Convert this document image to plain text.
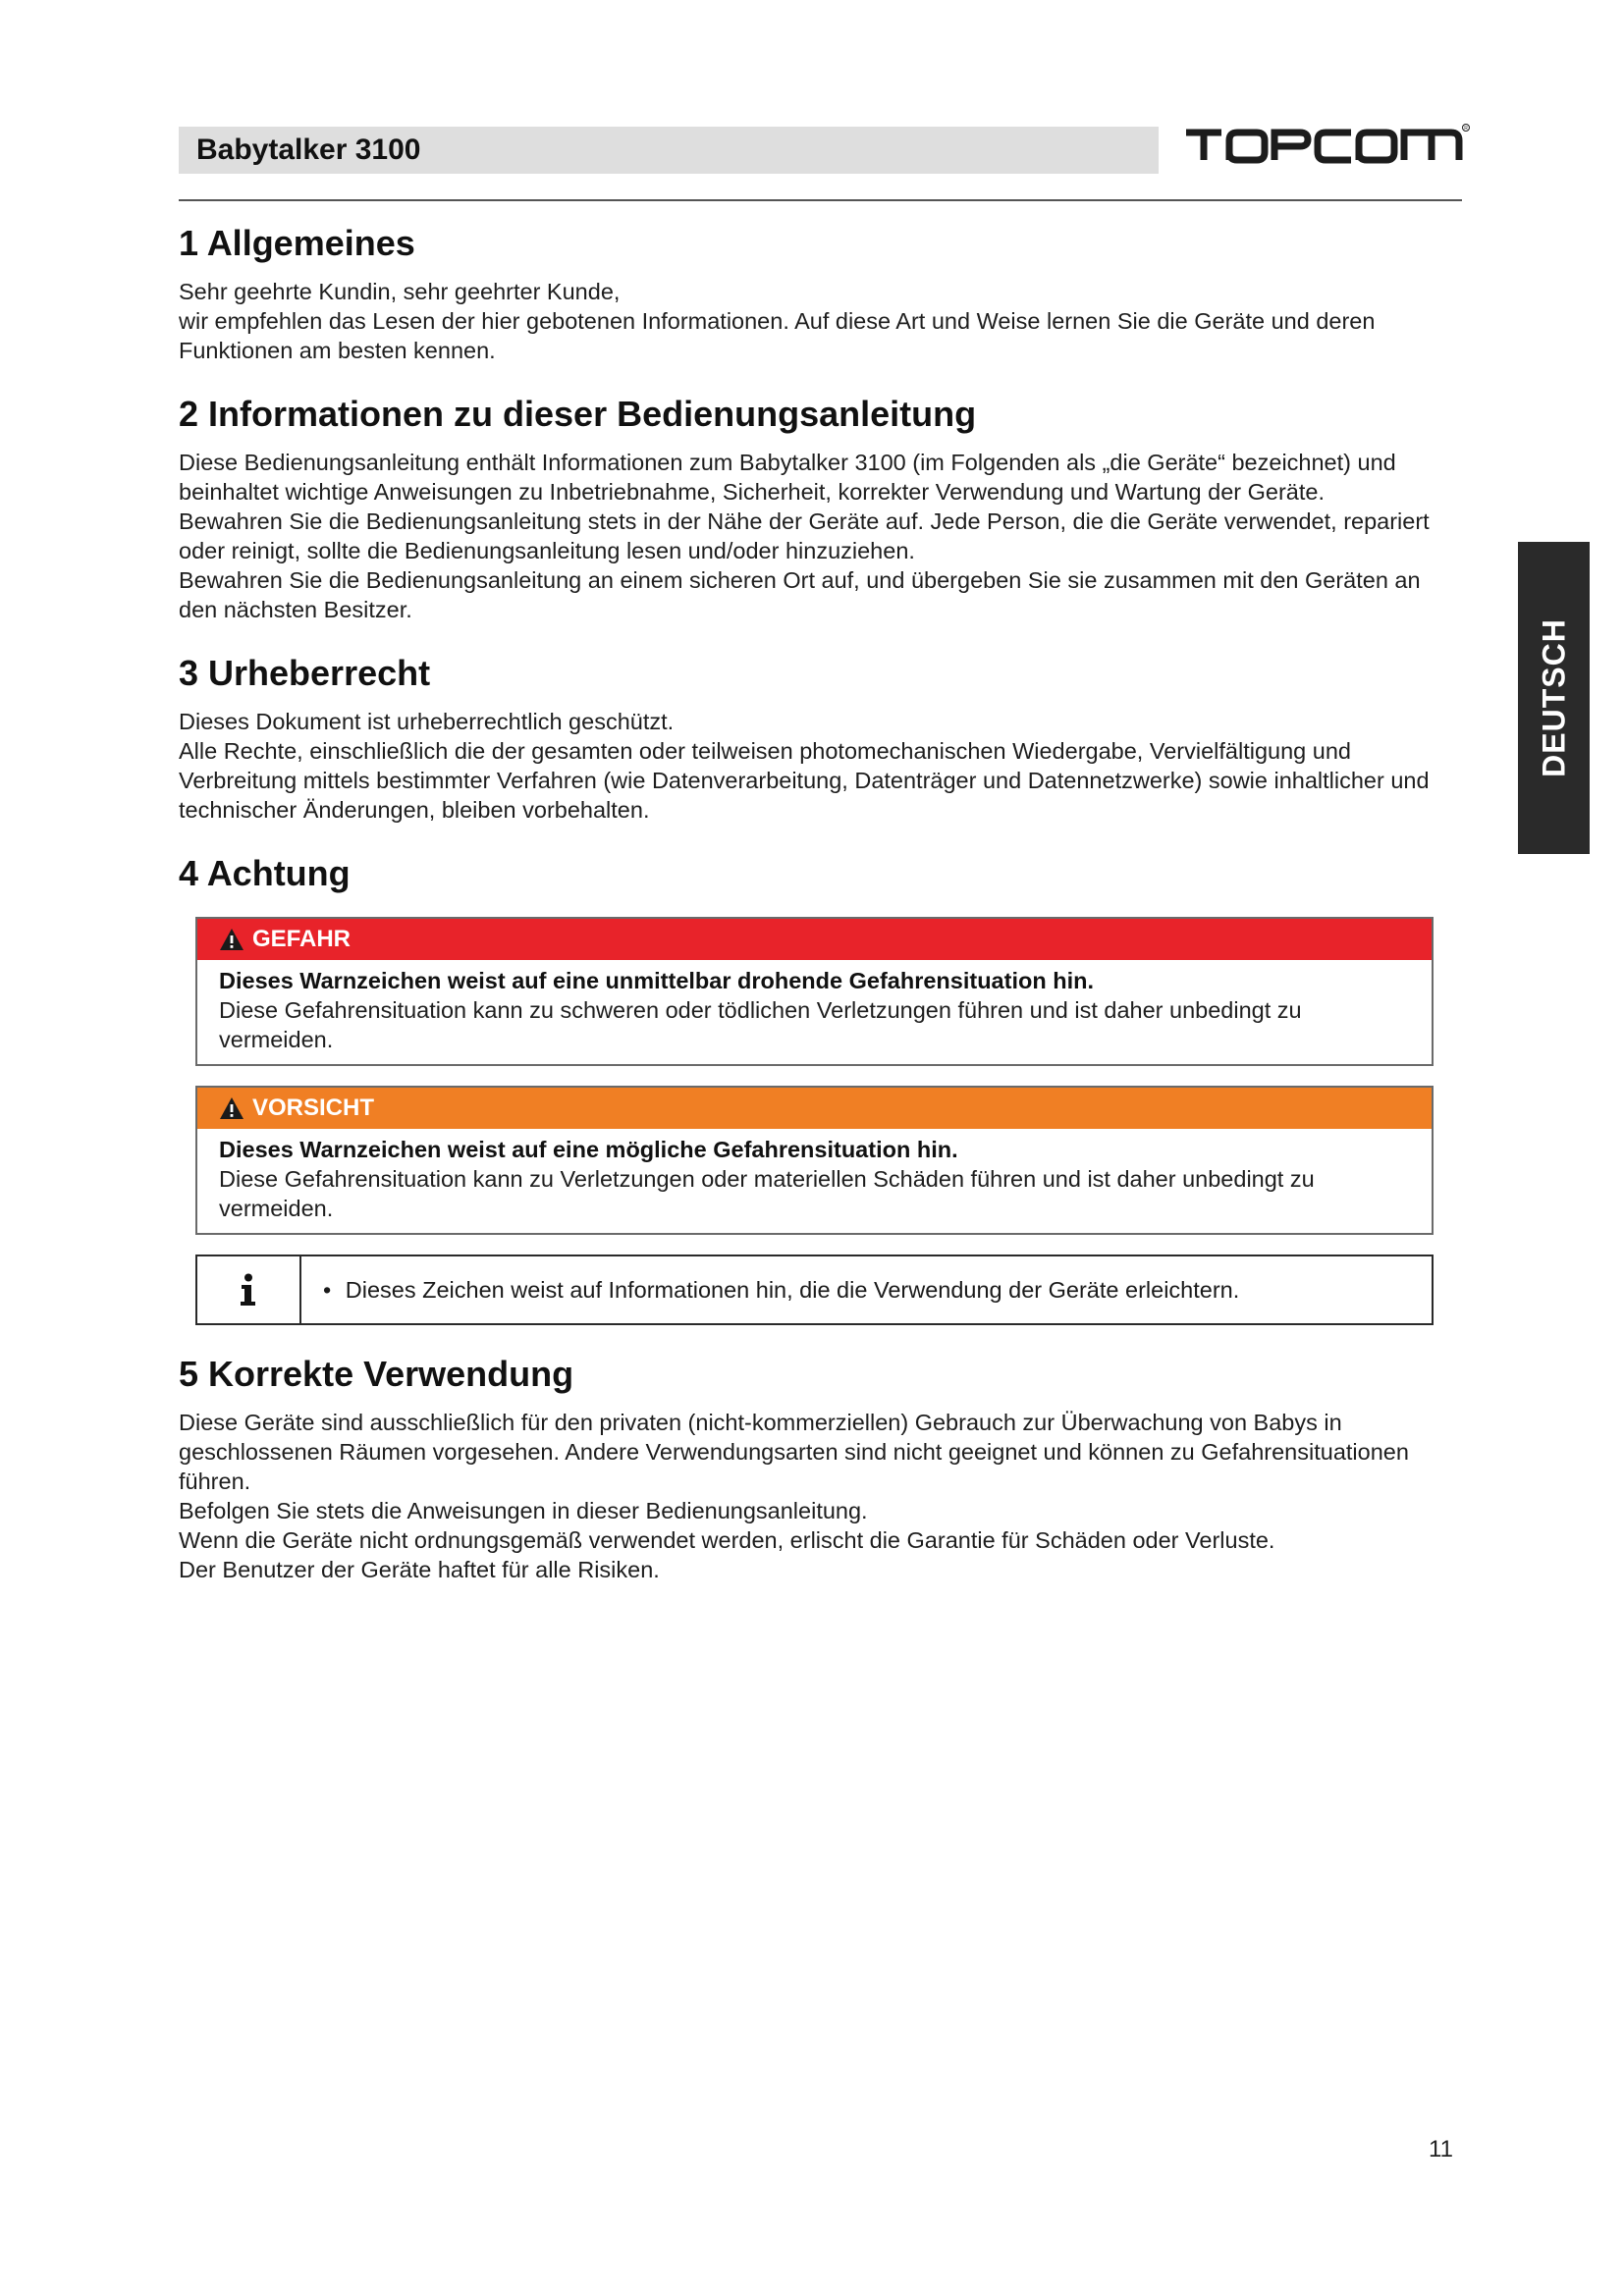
Babytalker 3100
R
DEUTSCH
1 Allgemeines

Sehr geehrte Kundin, sehr geehrter Kunde,

wir empfehlen das Lesen der hier gebotenen Informationen. Auf diese Art und Weise lernen Sie die Geräte und deren Funktionen am besten kennen.

2 Informationen zu dieser Bedienungsanleitung

Diese Bedienungsanleitung enthält Informationen zum Babytalker 3100 (im Folgenden als „die Geräte“ bezeichnet) und beinhaltet wichtige Anweisungen zu Inbetriebnahme, Sicherheit, korrekter Verwendung und Wartung der Geräte.

Bewahren Sie die Bedienungsanleitung stets in der Nähe der Geräte auf. Jede Person, die die Geräte verwendet, repariert oder reinigt, sollte die Bedienungsanleitung lesen und/oder hinzuziehen.

Bewahren Sie die Bedienungsanleitung an einem sicheren Ort auf, und übergeben Sie sie zusammen mit den Geräten an den nächsten Besitzer.

3 Urheberrecht

Dieses Dokument ist urheberrechtlich geschützt.

Alle Rechte, einschließlich die der gesamten oder teilweisen photomechanischen Wiedergabe, Vervielfältigung und Verbreitung mittels bestimmter Verfahren (wie Datenverarbeitung, Datenträger und Datennetzwerke) sowie inhaltlicher und technischer Änderungen, bleiben vorbehalten.

4 Achtung
GEFAHR

Dieses Warnzeichen weist auf eine unmittelbar drohende Gefahrensituation hin.

Diese Gefahrensituation kann zu schweren oder tödlichen Verletzungen führen und ist daher unbedingt zu vermeiden.

VORSICHT

Dieses Warnzeichen weist auf eine mögliche Gefahrensituation hin.

Diese Gefahrensituation kann zu Verletzungen oder materiellen Schäden führen und ist daher unbedingt zu vermeiden.

• Dieses Zeichen weist auf Informationen hin, die die Verwendung der Geräte erleichtern.
5 Korrekte Verwendung

Diese Geräte sind ausschließlich für den privaten (nicht-kommerziellen) Gebrauch zur Überwachung von Babys in geschlossenen Räumen vorgesehen. Andere Verwendungsarten sind nicht geeignet und können zu Gefahrensituationen führen.

Befolgen Sie stets die Anweisungen in dieser Bedienungsanleitung.

Wenn die Geräte nicht ordnungsgemäß verwendet werden, erlischt die Garantie für Schäden oder Verluste.

Der Benutzer der Geräte haftet für alle Risiken.

11
